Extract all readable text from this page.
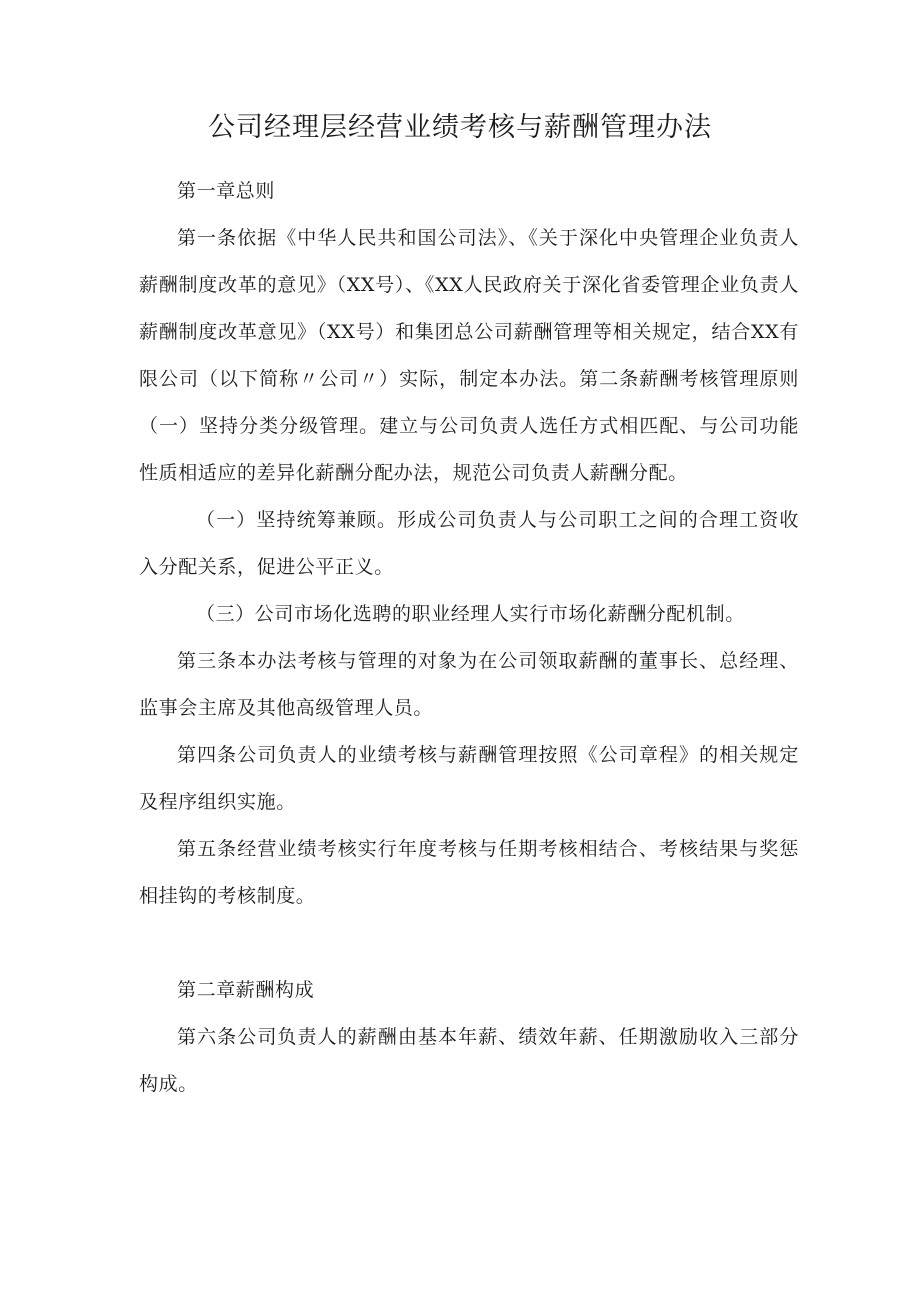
公司经理层经营业绩考核与薪酬管理办法

第一章总则

第一条依据《中华人民共和国公司法》、《关于深化中央管理企业负责人薪酬制度改革的意见》（XX号）、《XX人民政府关于深化省委管理企业负责人薪酬制度改革意见》（XX号）和集团总公司薪酬管理等相关规定，结合XX有限公司（以下简称〃公司〃）实际，制定本办法。第二条薪酬考核管理原则（一）坚持分类分级管理。建立与公司负责人选任方式相匹配、与公司功能性质相适应的差异化薪酬分配办法，规范公司负责人薪酬分配。

（一）坚持统筹兼顾。形成公司负责人与公司职工之间的合理工资收入分配关系，促进公平正义。

（三）公司市场化选聘的职业经理人实行市场化薪酬分配机制。

第三条本办法考核与管理的对象为在公司领取薪酬的董事长、总经理、监事会主席及其他高级管理人员。

第四条公司负责人的业绩考核与薪酬管理按照《公司章程》的相关规定及程序组织实施。

第五条经营业绩考核实行年度考核与任期考核相结合、考核结果与奖惩相挂钩的考核制度。

第二章薪酬构成

第六条公司负责人的薪酬由基本年薪、绩效年薪、任期激励收入三部分构成。
